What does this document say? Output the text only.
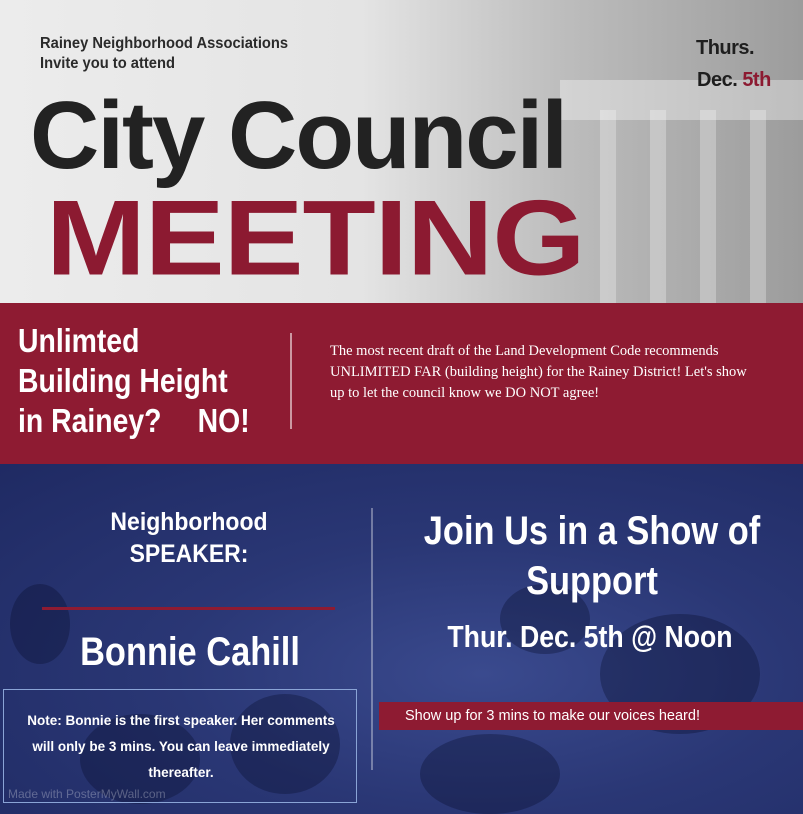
Rainey Neighborhood Associations
Invite you to attend
Thurs.
Dec. 5th
City Council
MEETING
Unlimted
Building Height
in Rainey? NO!
The most recent draft of the Land Development Code recommends UNLIMITED FAR (building height) for the Rainey District! Let's show up to let the council know we DO NOT agree!
Neighborhood
SPEAKER:
Bonnie Cahill
Note: Bonnie is the first speaker. Her comments will only be 3 mins. You can leave immediately thereafter.
Made with PosterMyWall.com
Join Us in a Show of Support
Thur. Dec. 5th @ Noon
Show up for 3 mins to make our voices heard!
